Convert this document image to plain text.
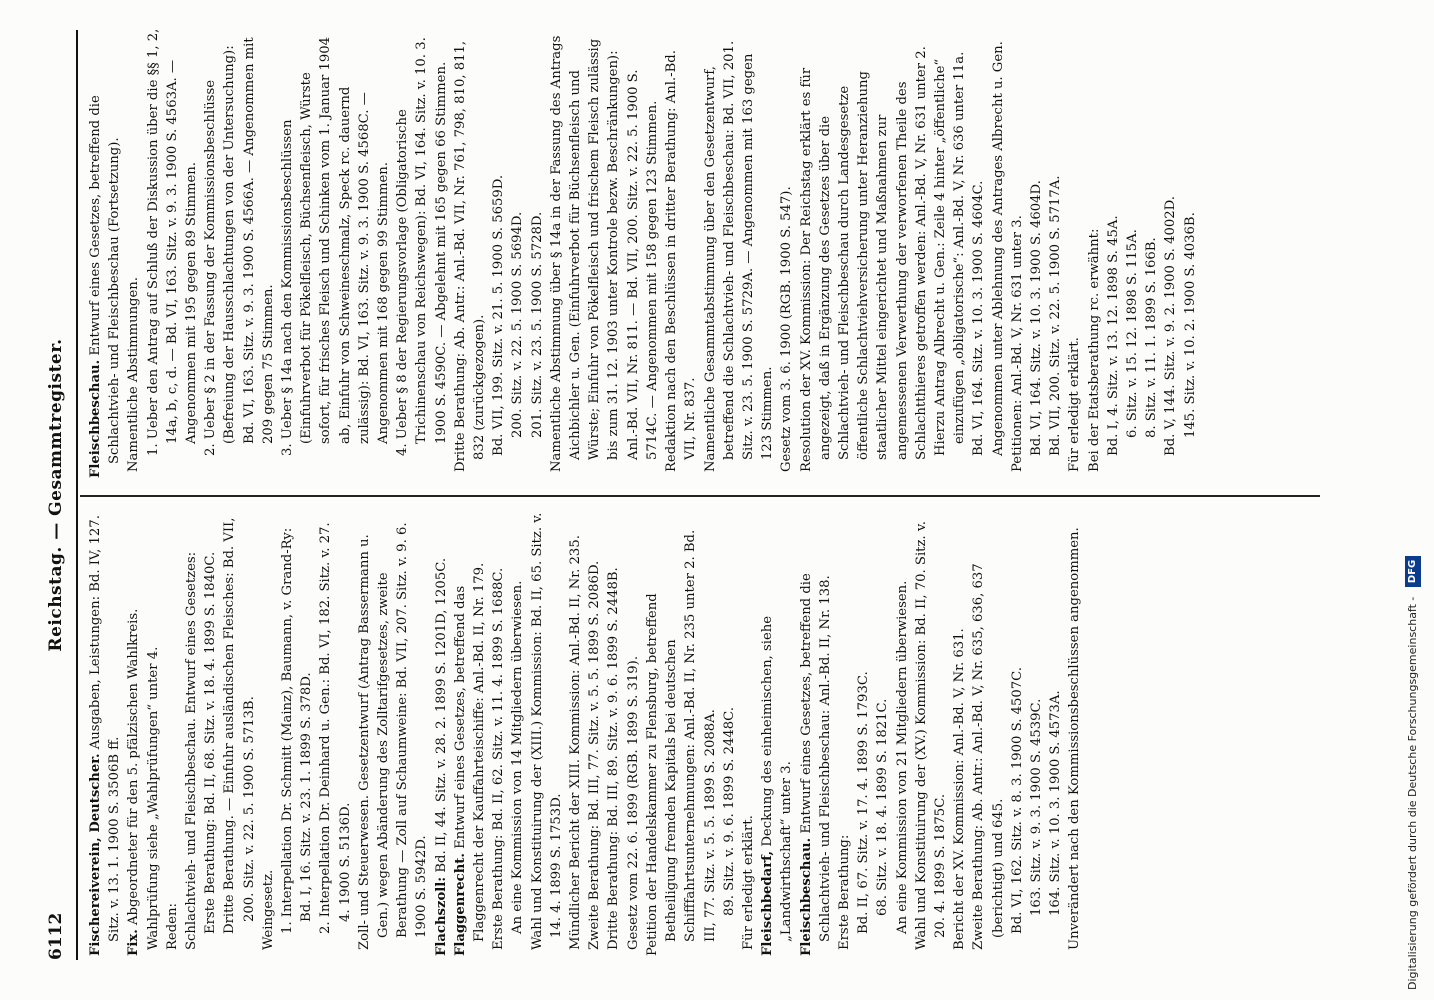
6112
Reichstag. — Gesammtregister.

Fischereiverein, Deutscher. Ausgaben, Leistungen: Bd. IV, 127. Sitz. v. 13. 1. 1900 S. 3506B ff.

Fix. Abgeordneter für den 5. pfälzischen Wahlkreis. Wahlprüfung siehe „Wahlprüfungen“ unter 4. Reden: Schlachtvieh- und Fleischbeschau. Entwurf eines Gesetzes: Erste Berathung: Bd. II, 68. Sitz. v. 18. 4. 1899 S. 1840C. Dritte Berathung. — Einfuhr ausländischen Fleisches: Bd. VII, 200. Sitz. v. 22. 5. 1900 S. 5713B. Weingesetz. 1. Interpellation Dr. Schmitt (Mainz), Baumann, v. Grand-Ry: Bd. I, 16. Sitz. v. 23. 1. 1899 S. 378D. 2. Interpellation Dr. Deinhard u. Gen.: Bd. VI, 182. Sitz. v. 27. 4. 1900 S. 5136D. Zoll- und Steuerwesen. Gesetzentwurf (Antrag Bassermann u. Gen.) wegen Abänderung des Zolltarifgesetzes, zweite Berathung — Zoll auf Schaumweine: Bd. VII, 207. Sitz. v. 9. 6. 1900 S. 5942D. Flachszoll: Bd. II, 44. Sitz. v. 28. 2. 1899 S. 1201D, 1205C.

Flaggenrecht. Entwurf eines Gesetzes, betreffend das Flaggenrecht der Kauffahrteischiffe: Anl.-Bd. II, Nr. 179. Erste Berathung: Bd. II, 62. Sitz. v. 11. 4. 1899 S. 1688C. An eine Kommission von 14 Mitgliedern überwiesen. Wahl und Konstituirung der (XIII.) Kommission: Bd. II, 65. Sitz. v. 14. 4. 1899 S. 1753D. Mündlicher Bericht der XIII. Kommission: Anl.-Bd. II, Nr. 235. Zweite Berathung: Bd. III, 77. Sitz. v. 5. 5. 1899 S. 2086D. Dritte Berathung: Bd. III, 89. Sitz. v. 9. 6. 1899 S. 2448B. Gesetz vom 22. 6. 1899 (RGB. 1899 S. 319). Petition der Handelskammer zu Flensburg, betreffend Betheiligung fremden Kapitals bei deutschen Schifffahrtsunternehmungen: Anl.-Bd. II, Nr. 235 unter 2. Bd. III, 77. Sitz. v. 5. 5. 1899 S. 2088A. 89. Sitz. v. 9. 6. 1899 S. 2448C. Für erledigt erklärt. Fleischbedarf, Deckung des einheimischen, siehe „Landwirthschaft“ unter 3. Fleischbeschau. Entwurf eines Gesetzes, betreffend die Schlachtvieh- und Fleischbeschau: Anl.-Bd. II, Nr. 138. Erste Berathung: Bd. II, 67. Sitz. v. 17. 4. 1899 S. 1793C. 68. Sitz. v. 18. 4. 1899 S. 1821C. An eine Kommission von 21 Mitgliedern überwiesen. Wahl und Konstituirung der (XV.) Kommission: Bd. II, 70. Sitz. v. 20. 4. 1899 S. 1875C. Bericht der XV. Kommission: Anl.-Bd. V, Nr. 631. Zweite Berathung: Ab. Antr.: Anl.-Bd. V, Nr. 635, 636, 637 (berichtigt) und 645. Bd. VI, 162. Sitz. v. 8. 3. 1900 S. 4507C. 163. Sitz. v. 9. 3. 1900 S. 4539C. 164. Sitz. v. 10. 3. 1900 S. 4573A. Unverändert nach den Kommissionsbeschlüssen angenommen.

Fleischbeschau. Entwurf eines Gesetzes, betreffend die Schlachtvieh- und Fleischbeschau (Fortsetzung). Namentliche Abstimmungen. 1. Ueber den Antrag auf Schluß der Diskussion über die §§ 1, 2, 14a, b, c, d. — Bd. VI, 163. Sitz. v. 9. 3. 1900 S. 4563A. — Angenommen mit 195 gegen 89 Stimmen. 2. Ueber § 2 in der Fassung der Kommissionsbeschlüsse (Befreiung der Hausschlachtungen von der Untersuchung): Bd. VI, 163. Sitz. v. 9. 3. 1900 S. 4566A. — Angenommen mit 209 gegen 75 Stimmen. 3. Ueber § 14a nach den Kommissionsbeschlüssen (Einfuhrverbot für Pökelfleisch, Büchsenfleisch, Würste sofort, für frisches Fleisch und Schinken vom 1. Januar 1904 ab, Einfuhr von Schweineschmalz, Speck rc. dauernd zulässig): Bd. VI, 163. Sitz. v. 9. 3. 1900 S. 4568C. — Angenommen mit 168 gegen 99 Stimmen. 4. Ueber § 8 der Regierungsvorlage (Obligatorische Trichinenschau von Reichswegen): Bd. VI, 164. Sitz. v. 10. 3. 1900 S. 4590C. — Abgelehnt mit 165 gegen 66 Stimmen. Dritte Berathung: Ab. Antr.: Anl.-Bd. VII, Nr. 761, 798, 810, 811, 832 (zurückgezogen). Bd. VII, 199. Sitz. v. 21. 5. 1900 S. 5659D. 200. Sitz. v. 22. 5. 1900 S. 5694D. 201. Sitz. v. 23. 5. 1900 S. 5728D. Namentliche Abstimmung über § 14a in der Fassung des Antrags Aichbichler u. Gen. (Einfuhrverbot für Büchsenfleisch und Würste; Einfuhr von Pökelfleisch und frischem Fleisch zulässig bis zum 31. 12. 1903 unter Kontrole bezw. Beschränkungen): Anl.-Bd. VII, Nr. 811. — Bd. VII, 200. Sitz. v. 22. 5. 1900 S. 5714C. — Angenommen mit 158 gegen 123 Stimmen. Redaktion nach den Beschlüssen in dritter Berathung: Anl.-Bd. VII, Nr. 837. Namentliche Gesammtabstimmung über den Gesetzentwurf, betreffend die Schlachtvieh- und Fleischbeschau: Bd. VII, 201. Sitz. v. 23. 5. 1900 S. 5729A. — Angenommen mit 163 gegen 123 Stimmen. Gesetz vom 3. 6. 1900 (RGB. 1900 S. 547). Resolution der XV. Kommission: Der Reichstag erklärt es für angezeigt, daß in Ergänzung des Gesetzes über die Schlachtvieh- und Fleischbeschau durch Landesgesetze öffentliche Schlachtviehversicherung unter Heranziehung staatlicher Mittel eingerichtet und Maßnahmen zur angemessenen Verwerthung der verworfenen Theile des Schlachtthieres getroffen werden: Anl.-Bd. V, Nr. 631 unter 2. Hierzu Antrag Albrecht u. Gen.: Zeile 4 hinter „öffentliche“ einzufügen „obligatorische“: Anl.-Bd. V, Nr. 636 unter 11a. Bd. VI, 164. Sitz. v. 10. 3. 1900 S. 4604C. Angenommen unter Ablehnung des Antrages Albrecht u. Gen. Petitionen: Anl.-Bd. V, Nr. 631 unter 3. Bd. VI, 164. Sitz. v. 10. 3. 1900 S. 4604D. Bd. VII, 200. Sitz. v. 22. 5. 1900 S. 5717A. Für erledigt erklärt. Bei der Etatsberathung rc. erwähnt: Bd. I, 4. Sitz. v. 13. 12. 1898 S. 45A. 6. Sitz. v. 15. 12. 1898 S. 115A. 8. Sitz. v. 11. 1. 1899 S. 166B. Bd. V, 144. Sitz. v. 9. 2. 1900 S. 4002D. 145. Sitz. v. 10. 2. 1900 S. 4036B.

Digitalisierung gefördert durch die Deutsche Forschungsgemeinschaft - DFG
